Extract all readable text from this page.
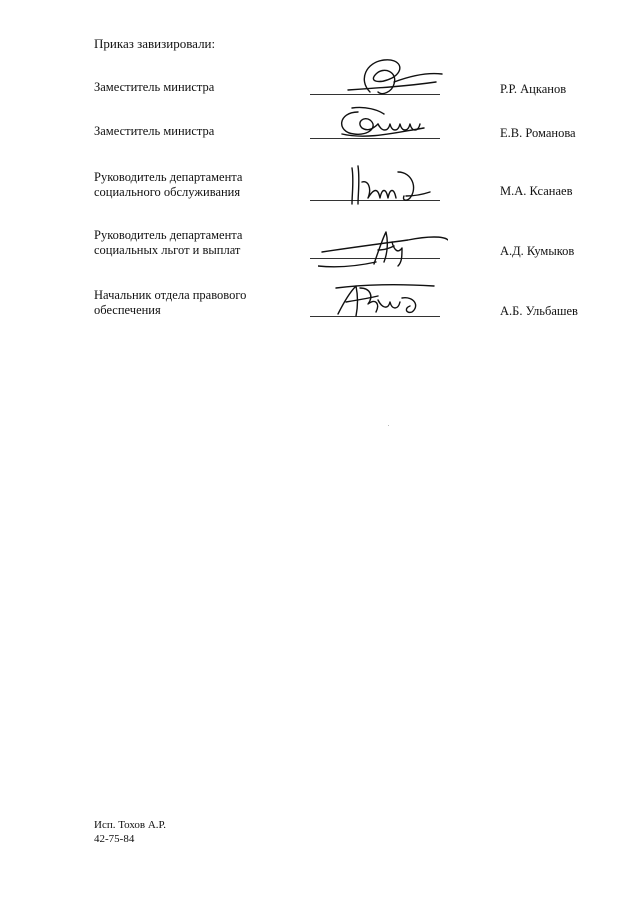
Приказ завизировали:
Заместитель министра	Р.Р. Ацканов
Заместитель министра	Е.В. Романова
Руководитель департамента социального обслуживания	М.А. Ксанаев
Руководитель департамента социальных льгот и выплат	А.Д. Кумыков
Начальник отдела правового обеспечения	А.Б. Ульбашев
Исп. Тохов А.Р.
42-75-84
